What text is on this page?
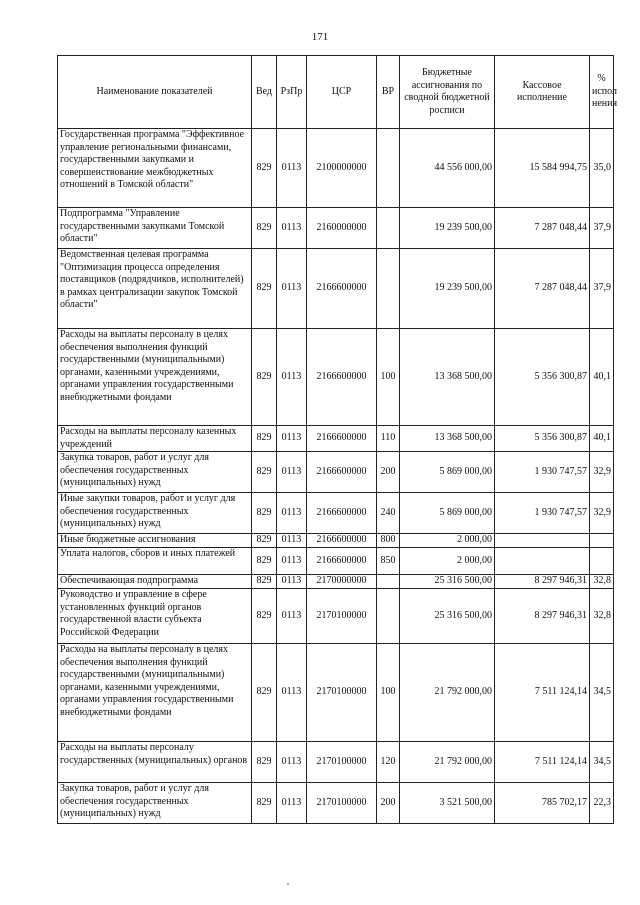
171
Наименование показателей	Вед	РзПр	ЦСР	ВР	Бюджетные ассигнования по сводной бюджетной росписи	Кассовое исполнение	% испол нения
Государственная программа "Эффективное управление региональными финансами, государственными закупками и совершенствование межбюджетных отношений в Томской области"	829	0113	2100000000		44 556 000,00	15 584 994,75	35,0
Подпрограмма "Управление государственными закупками Томской области"	829	0113	2160000000		19 239 500,00	7 287 048,44	37,9
Ведомственная целевая программа "Оптимизация процесса определения поставщиков (подрядчиков, исполнителей) в рамках централизации закупок Томской области"	829	0113	2166600000		19 239 500,00	7 287 048,44	37,9
Расходы на выплаты персоналу в целях обеспечения выполнения функций государственными (муниципальными) органами, казенными учреждениями, органами управления государственными внебюджетными фондами	829	0113	2166600000	100	13 368 500,00	5 356 300,87	40,1
Расходы на выплаты персоналу казенных учреждений	829	0113	2166600000	110	13 368 500,00	5 356 300,87	40,1
Закупка товаров, работ и услуг для обеспечения государственных (муниципальных) нужд	829	0113	2166600000	200	5 869 000,00	1 930 747,57	32,9
Иные закупки товаров, работ и услуг для обеспечения государственных (муниципальных) нужд	829	0113	2166600000	240	5 869 000,00	1 930 747,57	32,9
Иные бюджетные ассигнования	829	0113	2166600000	800	2 000,00		
Уплата налогов, сборов и иных платежей	829	0113	2166600000	850	2 000,00		
Обеспечивающая подпрограмма	829	0113	2170000000		25 316 500,00	8 297 946,31	32,8
Руководство и управление в сфере установленных функций органов государственной власти субъекта Российской Федерации	829	0113	2170100000		25 316 500,00	8 297 946,31	32,8
Расходы на выплаты персоналу в целях обеспечения выполнения функций государственными (муниципальными) органами, казенными учреждениями, органами управления государственными внебюджетными фондами	829	0113	2170100000	100	21 792 000,00	7 511 124,14	34,5
Расходы на выплаты персоналу государственных (муниципальных) органов	829	0113	2170100000	120	21 792 000,00	7 511 124,14	34,5
Закупка товаров, работ и услуг для обеспечения государственных (муниципальных) нужд	829	0113	2170100000	200	3 521 500,00	785 702,17	22,3
